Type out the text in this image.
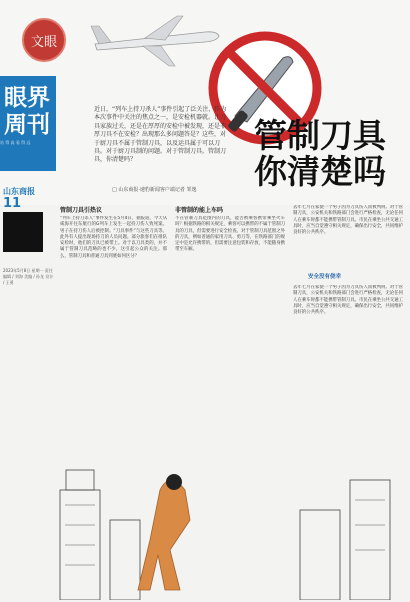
文眼
眼界周刊
站 得 高 看 得 远
近日，“列车上持刀杀人”事件引起了泛关注，作为本次事件中关注的焦点之一，是安检机器就。让刀具家族过关，还是在厚厚的安检中被发现，还是非厚刀具不在安检？出现那么多问题答是？这些，对于厨刀具不属于管制刀具，以及运具属于可以刀具。对于厨刀具制的问题。对于管制刀具。管制刀具，你清楚吗？
□ 山东商报·速豹新闻客户端记者 邹逸
管制刀具
你清楚吗
山东商报
11
2023年5月8日 星期一 责任编辑 / 刘海 美编 / 孙龙 设计 / 王勇
管制刀具引热议
“列车上持刀杀人”事件发生在5月4日，据报道，今天从威海开往东航行的G列车上发生一起持刀伤人致死案。男子在持刀伤人后被控制。“刀具事件”与这些刀具等。此外有人提出现场持刀的人员问题。部分旅客们在排队安检时，他们的刀具已被带上。对于以刀具类的，并不属于管制刀具范畴的也不少，这引起公众的关注。那么，管制刀具和普通刀具到底如何区分？
非管制的能上车吗
不在管制刀具范围内的刀具，能否被乘客携带乘坐火车吗？根据铁路的相关规定，乘客可以携带的不属于管制刀具的刀具，但需要进行安全检查。对于管制刀具范围之外的刀具，例如普通的家用刀具、剪刀等，在铁路部门的规定中是允许携带的，但需要注意包装和存放，不能随身携带至车厢。
去年七月在家使一个男子因为刀具伤人而被判刑。对于管制刀具，公安机关和铁路部门会进行严格检查，无论任何人在乘车时都不能携带管制刀具。市民在乘坐公共交通工具时，应当自觉遵守相关规定，确保出行安全，共同维护良好的公共秩序。
安全没有侥幸
去年七月在家使一个男子因为刀具伤人而被判刑。对于管制刀具，公安机关和铁路部门会进行严格检查，无论任何人在乘车时都不能携带管制刀具。市民在乘坐公共交通工具时，应当自觉遵守相关规定，确保出行安全，共同维护良好的公共秩序。
